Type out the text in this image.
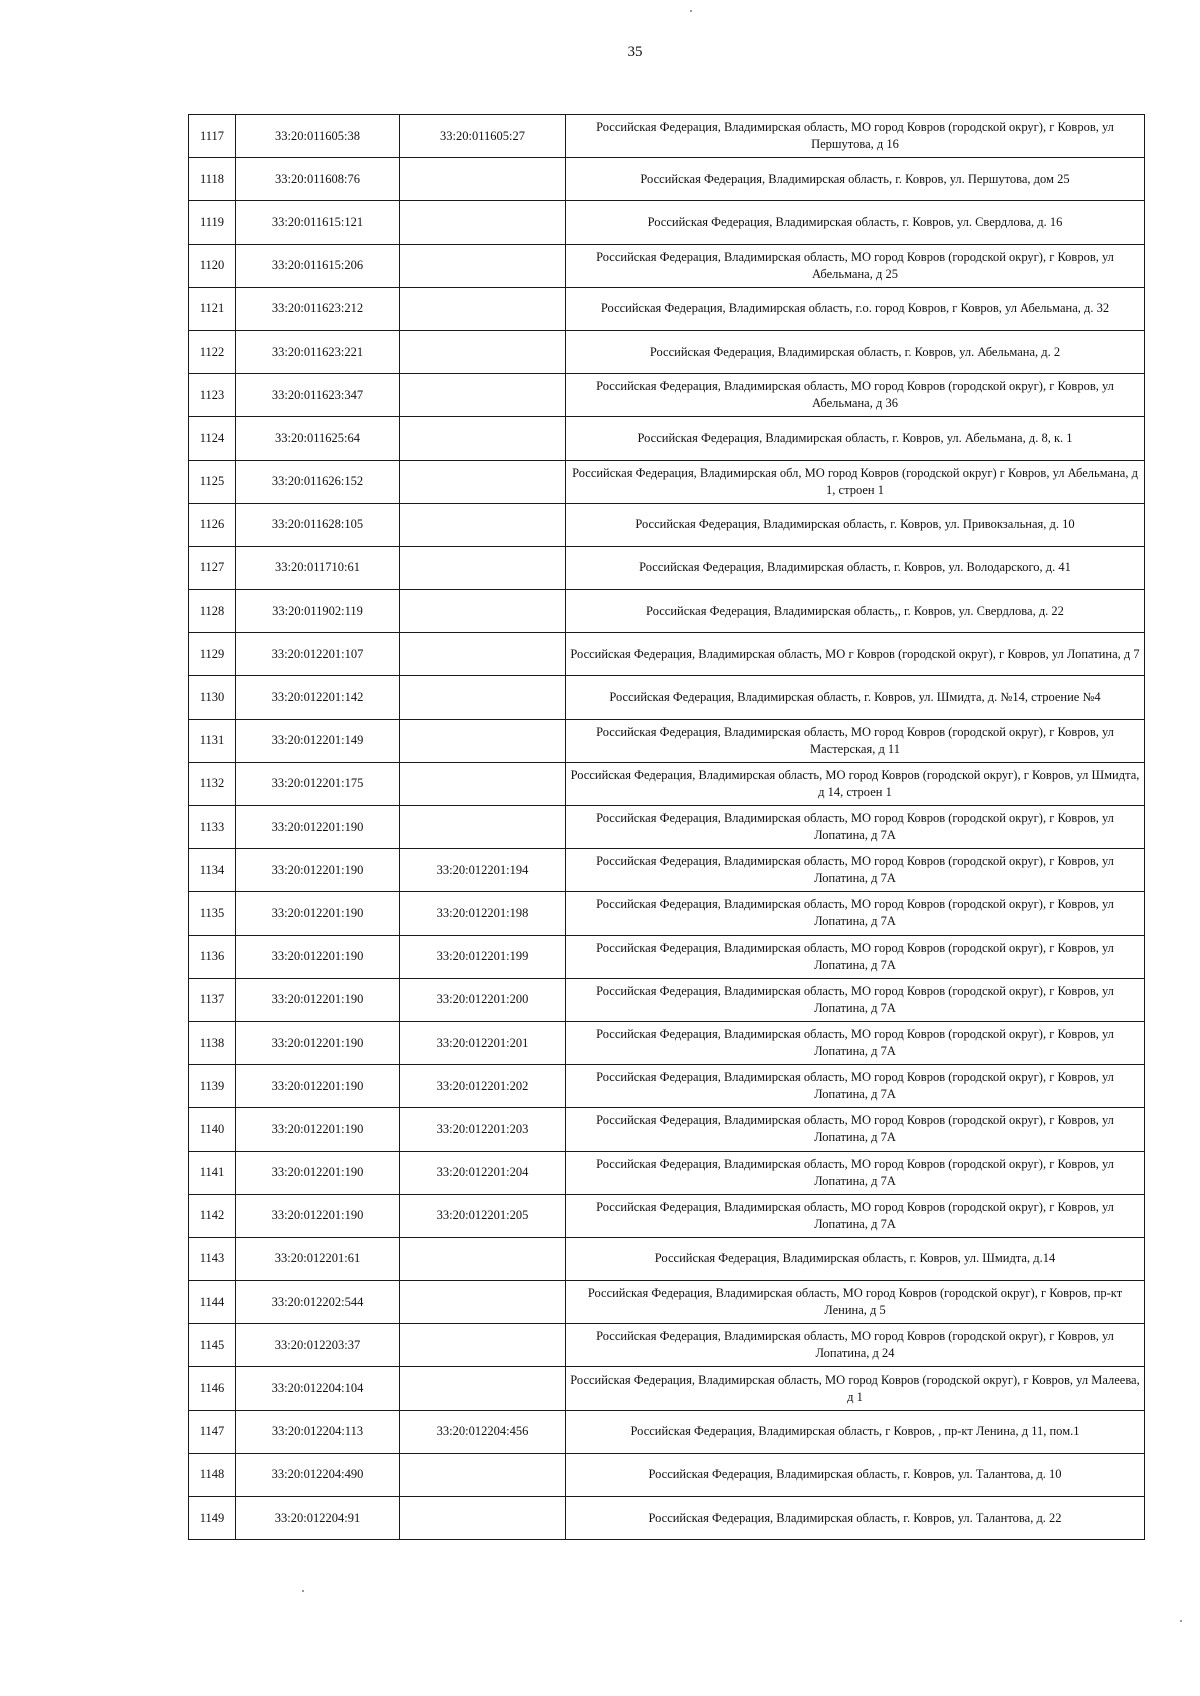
35
1117	33:20:011605:38	33:20:011605:27	Российская Федерация, Владимирская область, МО город Ковров (городской округ), г Ковров, ул Першутова, д 16
1118	33:20:011608:76		Российская Федерация, Владимирская область, г. Ковров, ул. Першутова, дом 25
1119	33:20:011615:121		Российская Федерация, Владимирская область, г. Ковров, ул. Свердлова, д. 16
1120	33:20:011615:206		Российская Федерация, Владимирская область, МО город Ковров (городской округ), г Ковров, ул Абельмана, д 25
1121	33:20:011623:212		Российская Федерация, Владимирская область, г.о. город Ковров, г Ковров, ул Абельмана, д. 32
1122	33:20:011623:221		Российская Федерация, Владимирская область, г. Ковров, ул. Абельмана, д. 2
1123	33:20:011623:347		Российская Федерация, Владимирская область, МО город Ковров (городской округ), г Ковров, ул Абельмана, д 36
1124	33:20:011625:64		Российская Федерация, Владимирская область, г. Ковров, ул. Абельмана, д. 8, к. 1
1125	33:20:011626:152		Российская Федерация, Владимирская обл, МО город Ковров (городской округ) г Ковров, ул Абельмана, д 1, строен 1
1126	33:20:011628:105		Российская Федерация, Владимирская область, г. Ковров, ул. Привокзальная, д. 10
1127	33:20:011710:61		Российская Федерация, Владимирская область, г. Ковров, ул. Володарского, д. 41
1128	33:20:011902:119		Российская Федерация, Владимирская область,, г. Ковров, ул. Свердлова, д. 22
1129	33:20:012201:107		Российская Федерация, Владимирская область, МО г Ковров (городской округ), г Ковров, ул Лопатина, д 7
1130	33:20:012201:142		Российская Федерация, Владимирская область, г. Ковров, ул. Шмидта, д. №14, строение №4
1131	33:20:012201:149		Российская Федерация, Владимирская область, МО город Ковров (городской округ), г Ковров, ул Мастерская, д 11
1132	33:20:012201:175		Российская Федерация, Владимирская область, МО город Ковров (городской округ), г Ковров, ул Шмидта, д 14, строен 1
1133	33:20:012201:190		Российская Федерация, Владимирская область, МО город Ковров (городской округ), г Ковров, ул Лопатина, д 7А
1134	33:20:012201:190	33:20:012201:194	Российская Федерация, Владимирская область, МО город Ковров (городской округ), г Ковров, ул Лопатина, д 7А
1135	33:20:012201:190	33:20:012201:198	Российская Федерация, Владимирская область, МО город Ковров (городской округ), г Ковров, ул Лопатина, д 7А
1136	33:20:012201:190	33:20:012201:199	Российская Федерация, Владимирская область, МО город Ковров (городской округ), г Ковров, ул Лопатина, д 7А
1137	33:20:012201:190	33:20:012201:200	Российская Федерация, Владимирская область, МО город Ковров (городской округ), г Ковров, ул Лопатина, д 7А
1138	33:20:012201:190	33:20:012201:201	Российская Федерация, Владимирская область, МО город Ковров (городской округ), г Ковров, ул Лопатина, д 7А
1139	33:20:012201:190	33:20:012201:202	Российская Федерация, Владимирская область, МО город Ковров (городской округ), г Ковров, ул Лопатина, д 7А
1140	33:20:012201:190	33:20:012201:203	Российская Федерация, Владимирская область, МО город Ковров (городской округ), г Ковров, ул Лопатина, д 7А
1141	33:20:012201:190	33:20:012201:204	Российская Федерация, Владимирская область, МО город Ковров (городской округ), г Ковров, ул Лопатина, д 7А
1142	33:20:012201:190	33:20:012201:205	Российская Федерация, Владимирская область, МО город Ковров (городской округ), г Ковров, ул Лопатина, д 7А
1143	33:20:012201:61		Российская Федерация, Владимирская область, г. Ковров, ул. Шмидта, д.14
1144	33:20:012202:544		Российская Федерация, Владимирская область, МО город Ковров (городской округ), г Ковров, пр-кт Ленина, д 5
1145	33:20:012203:37		Российская Федерация, Владимирская область, МО город Ковров (городской округ), г Ковров, ул Лопатина, д 24
1146	33:20:012204:104		Российская Федерация, Владимирская область, МО город Ковров (городской округ), г Ковров, ул Малеева, д 1
1147	33:20:012204:113	33:20:012204:456	Российская Федерация, Владимирская область, г Ковров, , пр-кт Ленина, д 11, пом.1
1148	33:20:012204:490		Российская Федерация, Владимирская область, г. Ковров, ул. Талантова, д. 10
1149	33:20:012204:91		Российская Федерация, Владимирская область, г. Ковров, ул. Талантова, д. 22
